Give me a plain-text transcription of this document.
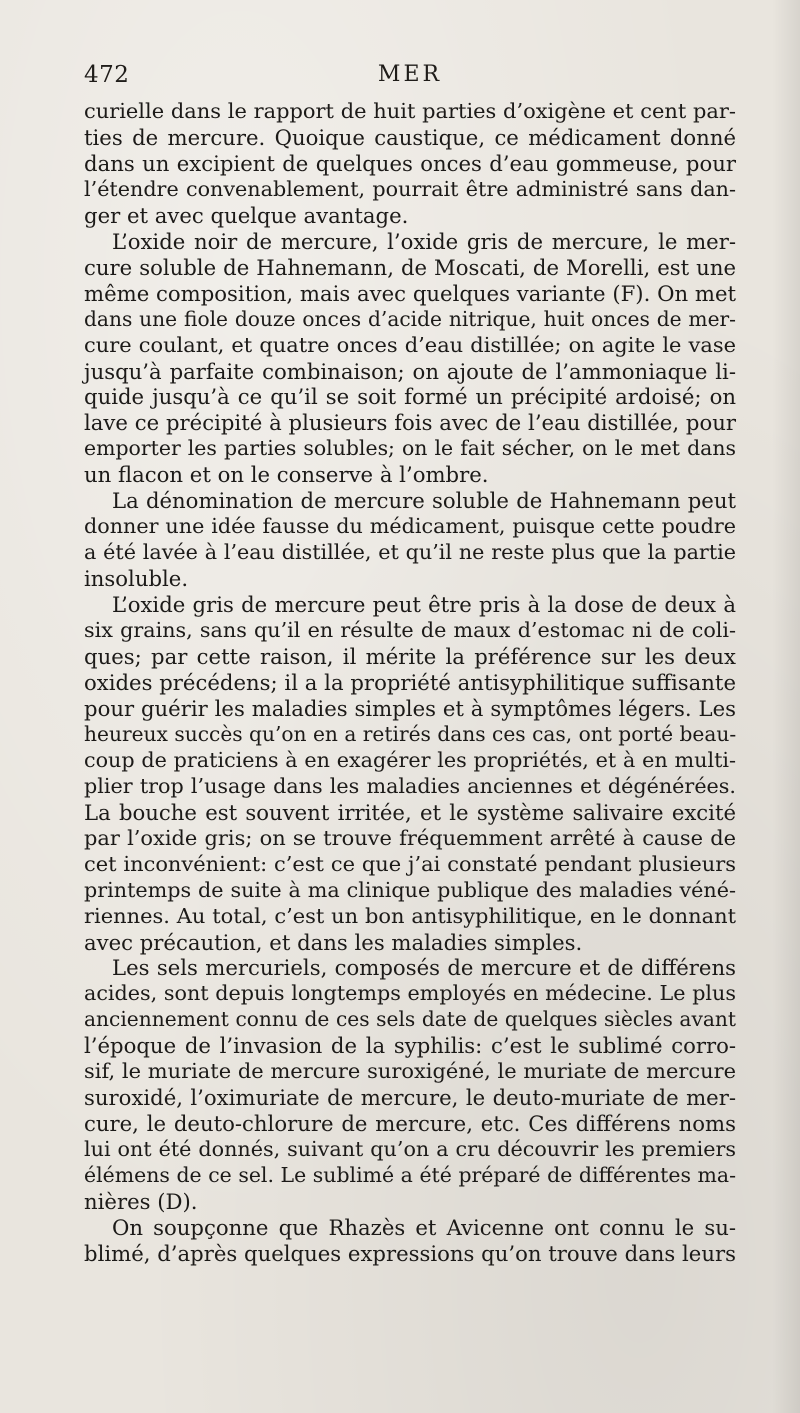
472	MER
curielle dans le rapport de huit parties d’oxigène et cent par-
ties de mercure. Quoique caustique, ce médicament donné
dans un excipient de quelques onces d’eau gommeuse, pour
l’étendre convenablement, pourrait être administré sans dan-
ger et avec quelque avantage.
L’oxide noir de mercure, l’oxide gris de mercure, le mer-
cure soluble de Hahnemann, de Moscati, de Morelli, est une
même composition, mais avec quelques variante (F). On met
dans une fiole douze onces d’acide nitrique, huit onces de mer-
cure coulant, et quatre onces d’eau distillée; on agite le vase
jusqu’à parfaite combinaison; on ajoute de l’ammoniaque li-
quide jusqu’à ce qu’il se soit formé un précipité ardoisé; on
lave ce précipité à plusieurs fois avec de l’eau distillée, pour
emporter les parties solubles; on le fait sécher, on le met dans
un flacon et on le conserve à l’ombre.
La dénomination de mercure soluble de Hahnemann peut
donner une idée fausse du médicament, puisque cette poudre
a été lavée à l’eau distillée, et qu’il ne reste plus que la partie
insoluble.
L’oxide gris de mercure peut être pris à la dose de deux à
six grains, sans qu’il en résulte de maux d’estomac ni de coli-
ques; par cette raison, il mérite la préférence sur les deux
oxides précédens; il a la propriété antisyphilitique suffisante
pour guérir les maladies simples et à symptômes légers. Les
heureux succès qu’on en a retirés dans ces cas, ont porté beau-
coup de praticiens à en exagérer les propriétés, et à en multi-
plier trop l’usage dans les maladies anciennes et dégénérées.
La bouche est souvent irritée, et le système salivaire excité
par l’oxide gris; on se trouve fréquemment arrêté à cause de
cet inconvénient: c’est ce que j’ai constaté pendant plusieurs
printemps de suite à ma clinique publique des maladies véné-
riennes. Au total, c’est un bon antisyphilitique, en le donnant
avec précaution, et dans les maladies simples.
Les sels mercuriels, composés de mercure et de différens
acides, sont depuis longtemps employés en médecine. Le plus
anciennement connu de ces sels date de quelques siècles avant
l’époque de l’invasion de la syphilis: c’est le sublimé corro-
sif, le muriate de mercure suroxigéné, le muriate de mercure
suroxidé, l’oximuriate de mercure, le deuto-muriate de mer-
cure, le deuto-chlorure de mercure, etc. Ces différens noms
lui ont été donnés, suivant qu’on a cru découvrir les premiers
élémens de ce sel. Le sublimé a été préparé de différentes ma-
nières (D).
On soupçonne que Rhazès et Avicenne ont connu le su-
blimé, d’après quelques expressions qu’on trouve dans leurs
